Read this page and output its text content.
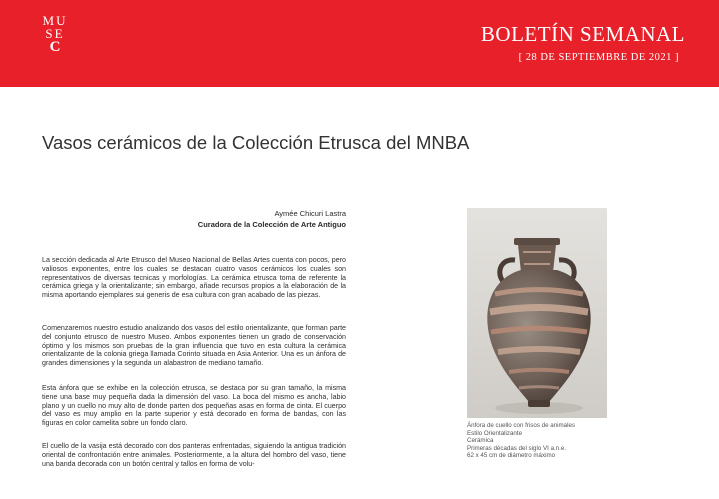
MU
SE
C
BOLETÍN SEMANAL
[ 28 DE SEPTIEMBRE DE 2021 ]
Vasos cerámicos de la Colección Etrusca del MNBA
Aymée Chicuri Lastra
Curadora de la Colección de Arte Antiguo

La sección dedicada al Arte Etrusco del Museo Nacional de Bellas Artes cuenta con pocos, pero valiosos exponentes, entre los cuales se destacan cuatro vasos cerámicos los cuales son representativos de diversas tecnicas y morfologías. La cerámica etrusca toma de referente la cerámica griega y la orientalizante; sin embargo, añade recursos propios a la elaboración de la misma aportando ejemplares sui generis de esa cultura con gran acabado de las piezas.

Comenzaremos nuestro estudio analizando dos vasos del estilo orientalizante, que forman parte del conjunto etrusco de nuestro Museo. Ambos exponentes tienen un grado de conservación óptimo y los mismos son pruebas de la gran influencia que tuvo en esta cultura la cerámica orientalizante de la colonia griega llamada Corinto situada en Asia Anterior. Una es un ánfora de grandes dimensiones y la segunda un alabastron de mediano tamaño.

Esta ánfora que se exhibe en la colección etrusca, se destaca por su gran tamaño, la misma tiene una base muy pequeña dada la dimensión del vaso. La boca del mismo es ancha, labio plano y un cuello no muy alto de donde parten dos pequeñas asas en forma de cinta. El cuerpo del vaso es muy amplio en la parte superior y está decorado en forma de bandas, con las figuras en color camelita sobre un fondo claro.

El cuello de la vasija está decorado con dos panteras enfrentadas, siguiendo la antigua tradición oriental de confrontación entre animales. Posteriormente, a la altura del hombro del vaso, tiene una banda decorada con un botón central y tallos en forma de volu-

Ánfora de cuello con frisos de animales
Estilo Orientalizante
Cerámica
Primeras décadas del siglo VI a.n.e.
62 x 45 cm de diámetro máximo
